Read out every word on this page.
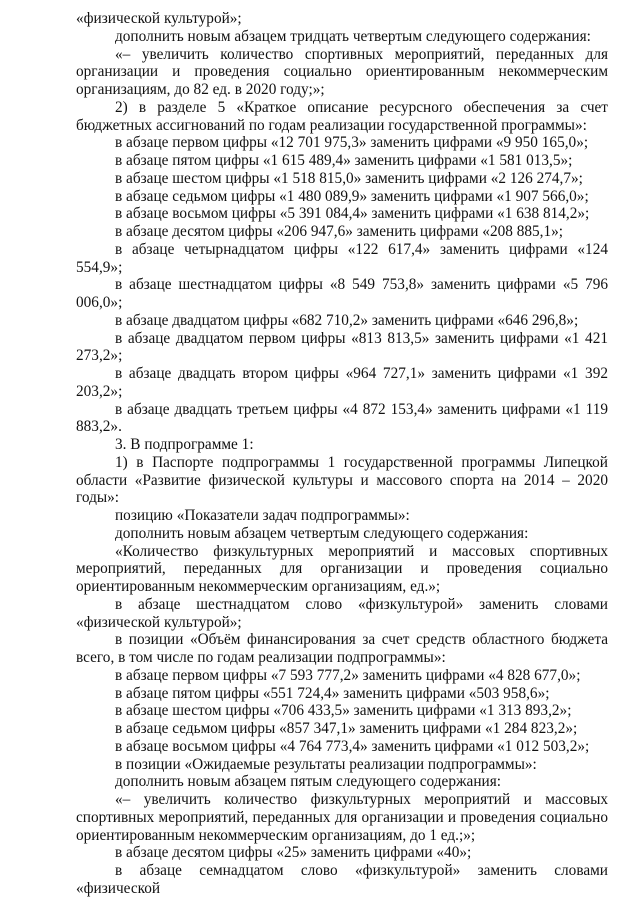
«физической культурой»;

дополнить новым абзацем тридцать четвертым следующего содержания:

«– увеличить количество спортивных мероприятий, переданных для организации и проведения социально ориентированным некоммерческим организациям, до 82 ед. в 2020 году;»;

2) в разделе 5 «Краткое описание ресурсного обеспечения за счет бюджетных ассигнований по годам реализации государственной программы»:

в абзаце первом цифры «12 701 975,3» заменить цифрами «9 950 165,0»;

в абзаце пятом цифры «1 615 489,4» заменить цифрами «1 581 013,5»;

в абзаце шестом цифры «1 518 815,0» заменить цифрами «2 126 274,7»;

в абзаце седьмом цифры «1 480 089,9» заменить цифрами «1 907 566,0»;

в абзаце восьмом цифры «5 391 084,4» заменить цифрами «1 638 814,2»;

в абзаце десятом цифры «206 947,6» заменить цифрами «208 885,1»;

в абзаце четырнадцатом цифры «122 617,4» заменить цифрами «124 554,9»;

в абзаце шестнадцатом цифры «8 549 753,8» заменить цифрами «5 796 006,0»;

в абзаце двадцатом цифры «682 710,2» заменить цифрами «646 296,8»;

в абзаце двадцатом первом цифры «813 813,5» заменить цифрами «1 421 273,2»;

в абзаце двадцать втором цифры «964 727,1» заменить цифрами «1 392 203,2»;

в абзаце двадцать третьем цифры «4 872 153,4» заменить цифрами «1 119 883,2».

3. В подпрограмме 1:

1) в Паспорте подпрограммы 1 государственной программы Липецкой области «Развитие физической культуры и массового спорта на 2014 – 2020 годы»:

позицию «Показатели задач подпрограммы»:

дополнить новым абзацем четвертым следующего содержания:

«Количество физкультурных мероприятий и массовых спортивных мероприятий, переданных для организации и проведения социально ориентированным некоммерческим организациям, ед.»;

в абзаце шестнадцатом слово «физкультурой» заменить словами «физической культурой»;

в позиции «Объём финансирования за счет средств областного бюджета всего, в том числе по годам реализации подпрограммы»:

в абзаце первом цифры «7 593 777,2» заменить цифрами «4 828 677,0»;

в абзаце пятом цифры «551 724,4» заменить цифрами «503 958,6»;

в абзаце шестом цифры «706 433,5» заменить цифрами «1 313 893,2»;

в абзаце седьмом цифры «857 347,1» заменить цифрами «1 284 823,2»;

в абзаце восьмом цифры «4 764 773,4» заменить цифрами «1 012 503,2»;

в позиции «Ожидаемые результаты реализации подпрограммы»:

дополнить новым абзацем пятым следующего содержания:

«– увеличить количество физкультурных мероприятий и массовых спортивных мероприятий, переданных для организации и проведения социально ориентированным некоммерческим организациям, до 1 ед.;»;

в абзаце десятом цифры «25» заменить цифрами «40»;

в абзаце семнадцатом слово «физкультурой» заменить словами «физической
